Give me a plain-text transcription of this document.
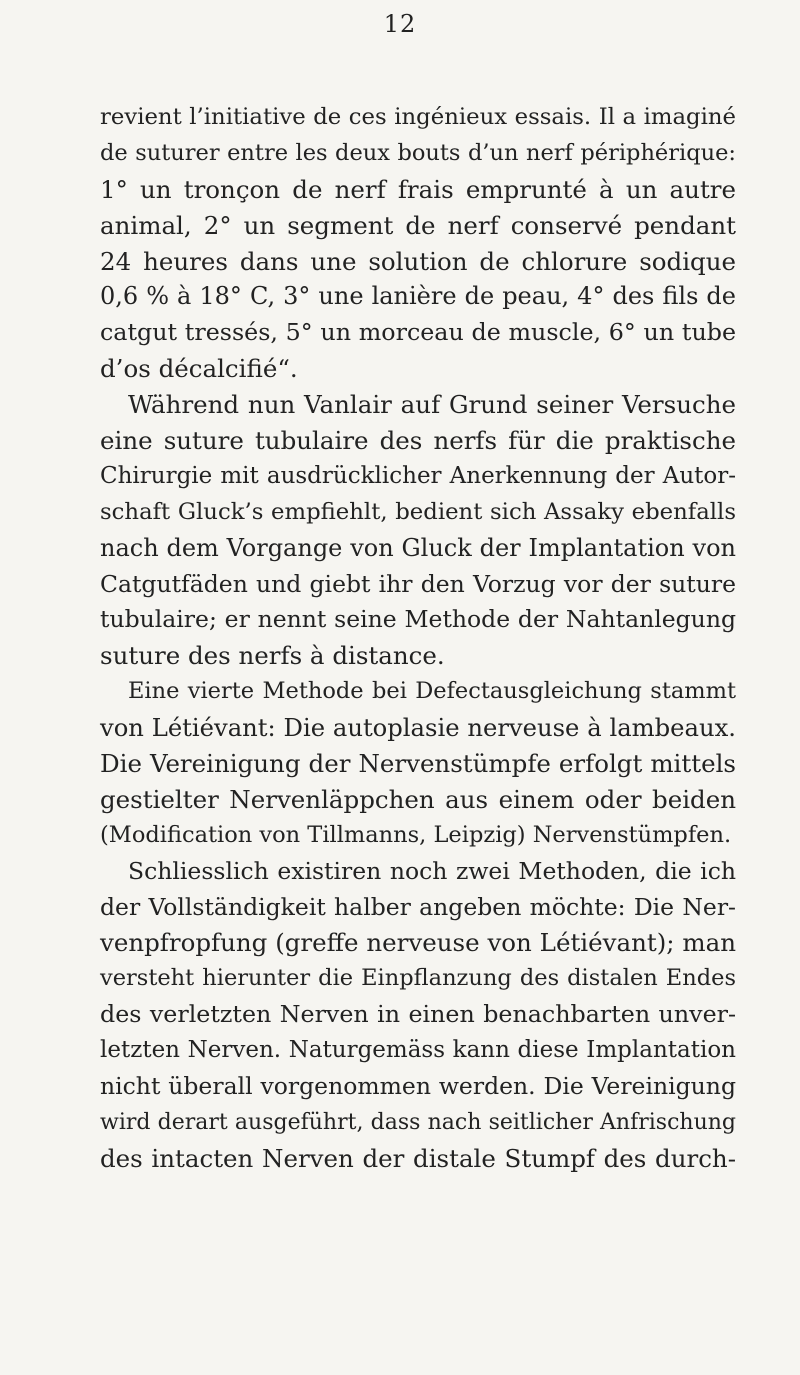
12
revient l’initiative de ces ingénieux essais. Il a imaginé
de suturer entre les deux bouts d’un nerf périphérique:
1° un tronçon de nerf frais emprunté à un autre
animal, 2° un segment de nerf conservé pendant
24 heures dans une solution de chlorure sodique
0,6 % à 18° C, 3° une lanière de peau, 4° des fils de
catgut tressés, 5° un morceau de muscle, 6° un tube
d’os décalcifié“.
Während nun Vanlair auf Grund seiner Versuche
eine suture tubulaire des nerfs für die praktische
Chirurgie mit ausdrücklicher Anerkennung der Autor-
schaft Gluck’s empfiehlt, bedient sich Assaky ebenfalls
nach dem Vorgange von Gluck der Implantation von
Catgutfäden und giebt ihr den Vorzug vor der suture
tubulaire; er nennt seine Methode der Nahtanlegung
suture des nerfs à distance.
Eine vierte Methode bei Defectausgleichung stammt
von Létiévant: Die autoplasie nerveuse à lambeaux.
Die Vereinigung der Nervenstümpfe erfolgt mittels
gestielter Nervenläppchen aus einem oder beiden
(Modification von Tillmanns, Leipzig) Nervenstümpfen.
Schliesslich existiren noch zwei Methoden, die ich
der Vollständigkeit halber angeben möchte: Die Ner-
venpfropfung (greffe nerveuse von Létiévant); man
versteht hierunter die Einpflanzung des distalen Endes
des verletzten Nerven in einen benachbarten unver-
letzten Nerven. Naturgemäss kann diese Implantation
nicht überall vorgenommen werden. Die Vereinigung
wird derart ausgeführt, dass nach seitlicher Anfrischung
des intacten Nerven der distale Stumpf des durch-
